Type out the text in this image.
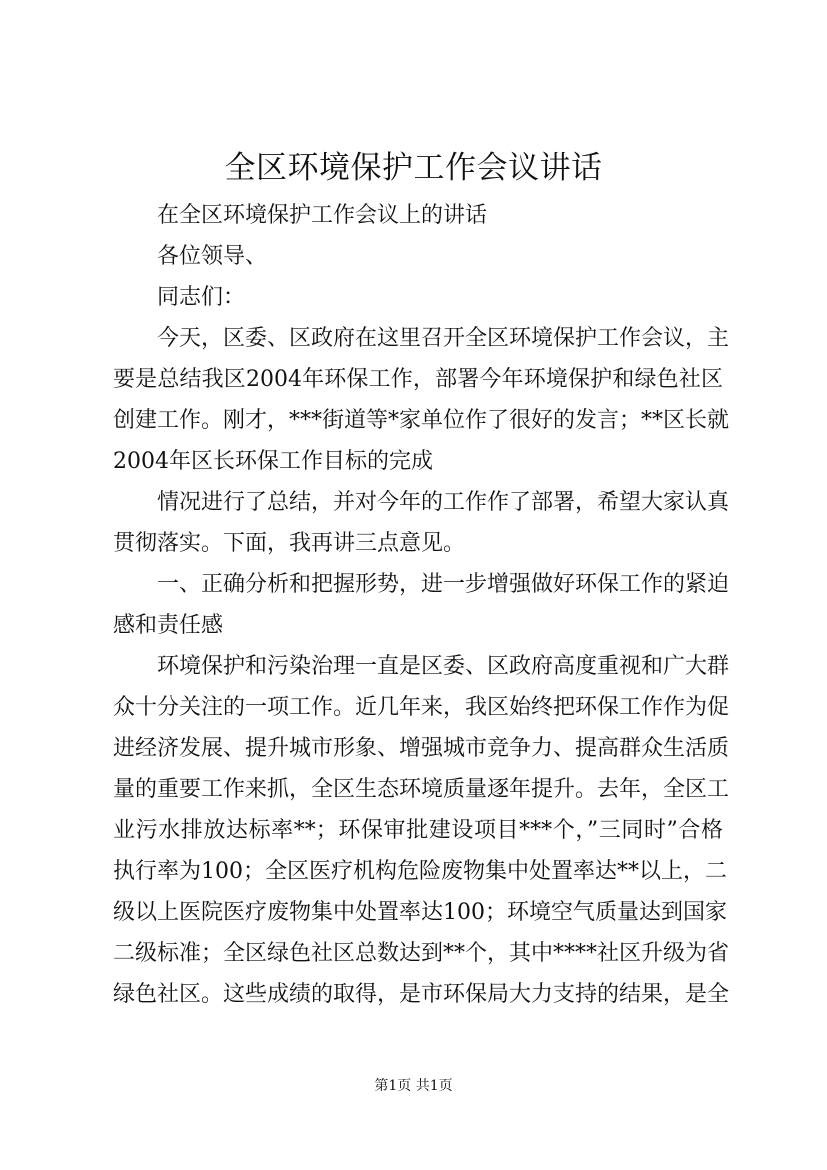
全区环境保护工作会议讲话
在全区环境保护工作会议上的讲话
各位领导、
同志们：
今天，区委、区政府在这里召开全区环境保护工作会议，主
要是总结我区2004年环保工作，部署今年环境保护和绿色社区
创建工作。刚才，***街道等*家单位作了很好的发言；**区长就
2004年区长环保工作目标的完成
情况进行了总结，并对今年的工作作了部署，希望大家认真
贯彻落实。下面，我再讲三点意见。
一、正确分析和把握形势，进一步增强做好环保工作的紧迫
感和责任感
环境保护和污染治理一直是区委、区政府高度重视和广大群
众十分关注的一项工作。近几年来，我区始终把环保工作作为促
进经济发展、提升城市形象、增强城市竞争力、提高群众生活质
量的重要工作来抓，全区生态环境质量逐年提升。去年，全区工
业污水排放达标率**；环保审批建设项目***个，”三同时”合格
执行率为100；全区医疗机构危险废物集中处置率达**以上，二
级以上医院医疗废物集中处置率达100；环境空气质量达到国家
二级标准；全区绿色社区总数达到**个，其中****社区升级为省
绿色社区。这些成绩的取得，是市环保局大力支持的结果，是全
第1页 共1页
